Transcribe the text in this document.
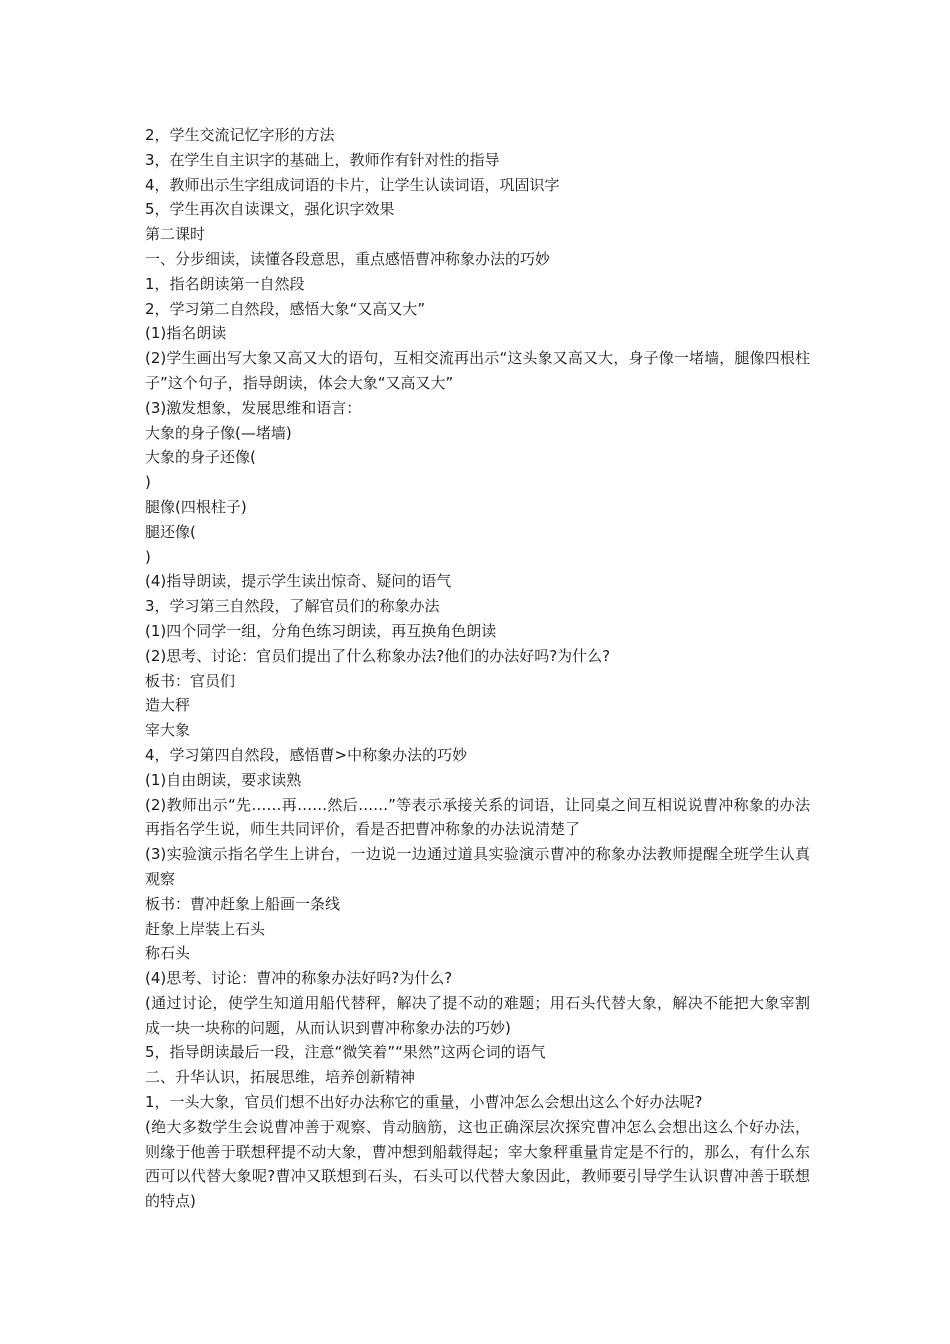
2，学生交流记忆字形的方法

3，在学生自主识字的基础上，教师作有针对性的指导

4，教师出示生字组成词语的卡片，让学生认读词语，巩固识字

5，学生再次自读课文，强化识字效果

第二课时

一、分步细读，读懂各段意思，重点感悟曹冲称象办法的巧妙

1，指名朗读第一自然段

2，学习第二自然段，感悟大象“又高又大”

(1)指名朗读

(2)学生画出写大象又高又大的语句，互相交流再出示“这头象又高又大，身子像一堵墙，腿像四根柱子”这个句子，指导朗读，体会大象“又高又大”

(3)激发想象，发展思维和语言：

大象的身子像(—堵墙)

大象的身子还像(

)

腿像(四根柱子)

腿还像(

)

(4)指导朗读，提示学生读出惊奇、疑问的语气

3，学习第三自然段，了解官员们的称象办法

(1)四个同学一组，分角色练习朗读，再互换角色朗读

(2)思考、讨论：官员们提出了什么称象办法?他们的办法好吗?为什么?

板书：官员们

造大秤

宰大象

4，学习第四自然段，感悟曹>中称象办法的巧妙

(1)自由朗读，要求读熟

(2)教师出示“先……再……然后……”等表示承接关系的词语，让同桌之间互相说说曹冲称象的办法再指名学生说，师生共同评价，看是否把曹冲称象的办法说清楚了

(3)实验演示指名学生上讲台，一边说一边通过道具实验演示曹冲的称象办法教师提醒全班学生认真观察

板书：曹冲赶象上船画一条线

赶象上岸装上石头

称石头

(4)思考、讨论：曹冲的称象办法好吗?为什么?

(通过讨论，使学生知道用船代替秤，解决了提不动的难题；用石头代替大象，解决不能把大象宰割成一块一块称的问题，从而认识到曹冲称象办法的巧妙)

5，指导朗读最后一段，注意“微笑着”“果然”这两仑词的语气

二、升华认识，拓展思维，培养创新精神

1，一头大象，官员们想不出好办法称它的重量，小曹冲怎么会想出这么个好办法呢?

(绝大多数学生会说曹冲善于观察、肯动脑筋，这也正确深层次探究曹冲怎么会想出这么个好办法，则缘于他善于联想秤提不动大象，曹冲想到船载得起；宰大象秤重量肯定是不行的，那么，有什么东西可以代替大象呢?曹冲又联想到石头，石头可以代替大象因此，教师要引导学生认识曹冲善于联想的特点)
